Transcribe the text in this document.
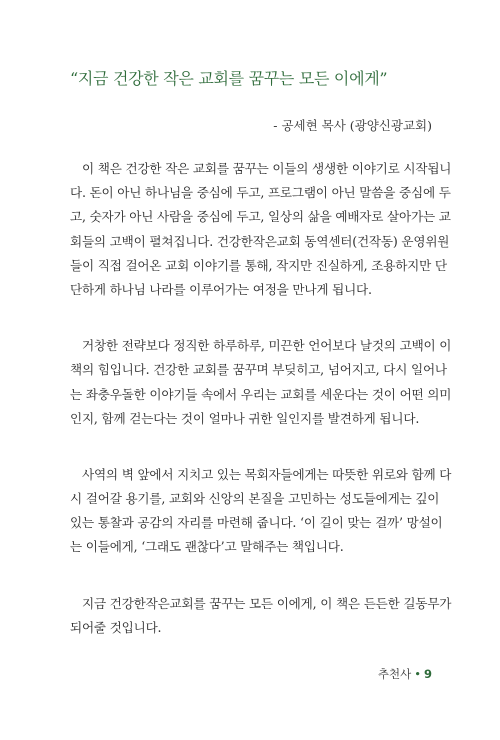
“지금 건강한 작은 교회를 꿈꾸는 모든 이에게”
- 공세현 목사 (광양신광교회)
이 책은 건강한 작은 교회를 꿈꾸는 이들의 생생한 이야기로 시작됩니
다. 돈이 아닌 하나님을 중심에 두고, 프로그램이 아닌 말씀을 중심에 두
고, 숫자가 아닌 사람을 중심에 두고, 일상의 삶을 예배자로 살아가는 교
회들의 고백이 펼쳐집니다. 건강한작은교회 동역센터(건작동) 운영위원
들이 직접 걸어온 교회 이야기를 통해, 작지만 진실하게, 조용하지만 단
단하게 하나님 나라를 이루어가는 여정을 만나게 됩니다.
거창한 전략보다 정직한 하루하루, 미끈한 언어보다 날것의 고백이 이
책의 힘입니다. 건강한 교회를 꿈꾸며 부딪히고, 넘어지고, 다시 일어나
는 좌충우돌한 이야기들 속에서 우리는 교회를 세운다는 것이 어떤 의미
인지, 함께 걷는다는 것이 얼마나 귀한 일인지를 발견하게 됩니다.
사역의 벽 앞에서 지치고 있는 목회자들에게는 따뜻한 위로와 함께 다
시 걸어갈 용기를, 교회와 신앙의 본질을 고민하는 성도들에게는 깊이
있는 통찰과 공감의 자리를 마련해 줍니다. ‘이 길이 맞는 걸까’ 망설이
는 이들에게, ‘그래도 괜찮다’고 말해주는 책입니다.
지금 건강한작은교회를 꿈꾸는 모든 이에게, 이 책은 든든한 길동무가
되어줄 것입니다.
추천사 • 9
